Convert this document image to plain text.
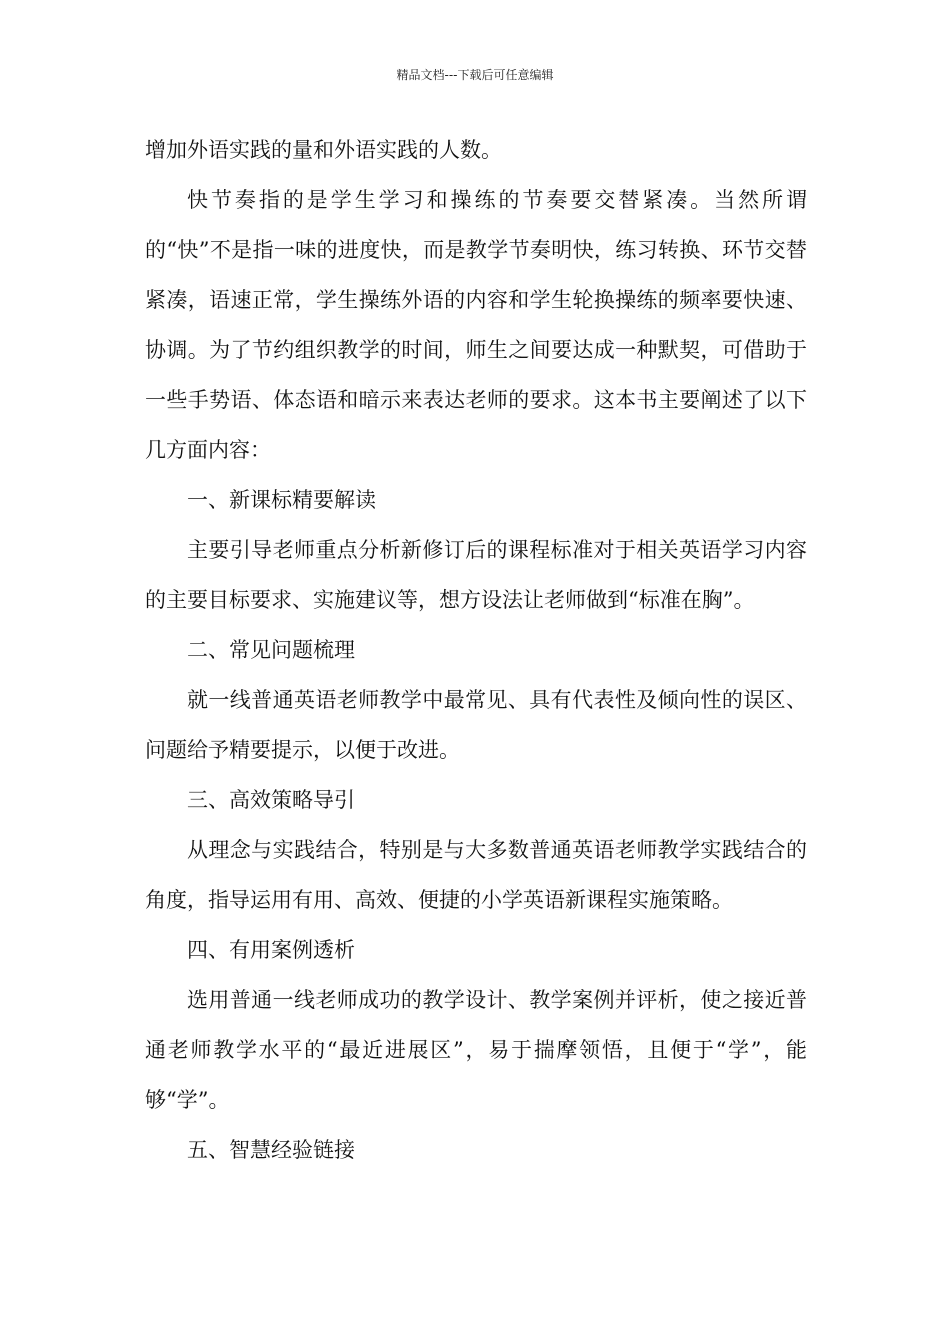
精品文档---下载后可任意编辑

增加外语实践的量和外语实践的人数。

快节奏指的是学生学习和操练的节奏要交替紧凑。当然所谓的“快”不是指一味的进度快，而是教学节奏明快，练习转换、环节交替紧凑，语速正常，学生操练外语的内容和学生轮换操练的频率要快速、协调。为了节约组织教学的时间，师生之间要达成一种默契，可借助于一些手势语、体态语和暗示来表达老师的要求。这本书主要阐述了以下几方面内容：

一、新课标精要解读

主要引导老师重点分析新修订后的课程标准对于相关英语学习内容的主要目标要求、实施建议等，想方设法让老师做到“标准在胸”。

二、常见问题梳理

就一线普通英语老师教学中最常见、具有代表性及倾向性的误区、问题给予精要提示，以便于改进。

三、高效策略导引

从理念与实践结合，特别是与大多数普通英语老师教学实践结合的角度，指导运用有用、高效、便捷的小学英语新课程实施策略。

四、有用案例透析

选用普通一线老师成功的教学设计、教学案例并评析，使之接近普通老师教学水平的“最近进展区”，易于揣摩领悟，且便于“学”，能够“学”。

五、智慧经验链接
